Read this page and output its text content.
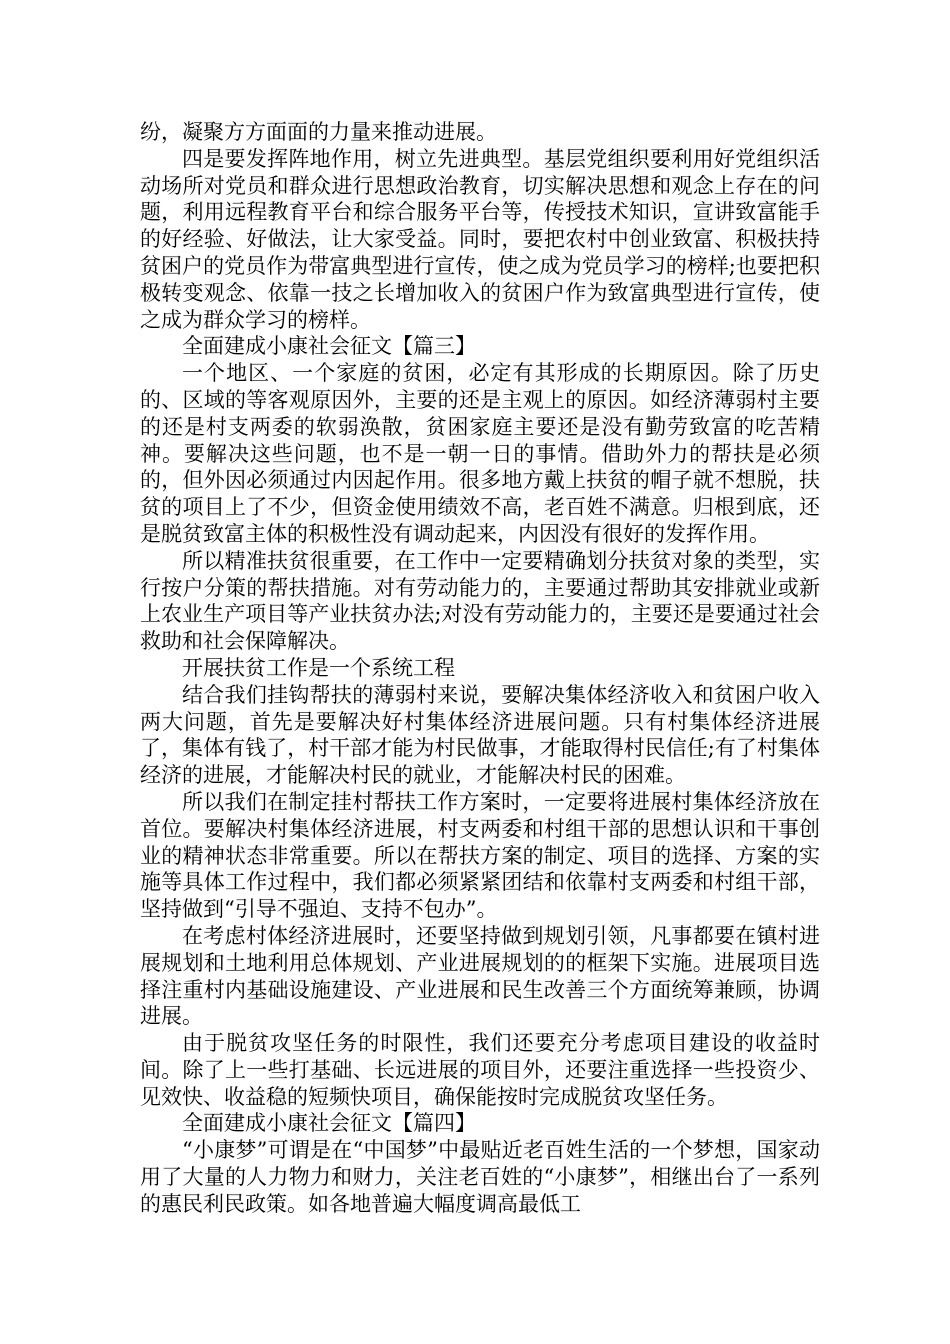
纷，凝聚方方面面的力量来推动进展。

四是要发挥阵地作用，树立先进典型。基层党组织要利用好党组织活动场所对党员和群众进行思想政治教育，切实解决思想和观念上存在的问题，利用远程教育平台和综合服务平台等，传授技术知识，宣讲致富能手的好经验、好做法，让大家受益。同时，要把农村中创业致富、积极扶持贫困户的党员作为带富典型进行宣传，使之成为党员学习的榜样;也要把积极转变观念、依靠一技之长增加收入的贫困户作为致富典型进行宣传，使之成为群众学习的榜样。

全面建成小康社会征文【篇三】

一个地区、一个家庭的贫困，必定有其形成的长期原因。除了历史的、区域的等客观原因外，主要的还是主观上的原因。如经济薄弱村主要的还是村支两委的软弱涣散，贫困家庭主要还是没有勤劳致富的吃苦精神。要解决这些问题，也不是一朝一日的事情。借助外力的帮扶是必须的，但外因必须通过内因起作用。很多地方戴上扶贫的帽子就不想脱，扶贫的项目上了不少，但资金使用绩效不高，老百姓不满意。归根到底，还是脱贫致富主体的积极性没有调动起来，内因没有很好的发挥作用。

所以精准扶贫很重要，在工作中一定要精确划分扶贫对象的类型，实行按户分策的帮扶措施。对有劳动能力的，主要通过帮助其安排就业或新上农业生产项目等产业扶贫办法;对没有劳动能力的，主要还是要通过社会救助和社会保障解决。

开展扶贫工作是一个系统工程

结合我们挂钩帮扶的薄弱村来说，要解决集体经济收入和贫困户收入两大问题，首先是要解决好村集体经济进展问题。只有村集体经济进展了，集体有钱了，村干部才能为村民做事，才能取得村民信任;有了村集体经济的进展，才能解决村民的就业，才能解决村民的困难。

所以我们在制定挂村帮扶工作方案时，一定要将进展村集体经济放在首位。要解决村集体经济进展，村支两委和村组干部的思想认识和干事创业的精神状态非常重要。所以在帮扶方案的制定、项目的选择、方案的实施等具体工作过程中，我们都必须紧紧团结和依靠村支两委和村组干部，坚持做到“引导不强迫、支持不包办”。

在考虑村体经济进展时，还要坚持做到规划引领，凡事都要在镇村进展规划和土地利用总体规划、产业进展规划的的框架下实施。进展项目选择注重村内基础设施建设、产业进展和民生改善三个方面统筹兼顾，协调进展。

由于脱贫攻坚任务的时限性，我们还要充分考虑项目建设的收益时间。除了上一些打基础、长远进展的项目外，还要注重选择一些投资少、见效快、收益稳的短频快项目，确保能按时完成脱贫攻坚任务。

全面建成小康社会征文【篇四】

“小康梦”可谓是在“中国梦”中最贴近老百姓生活的一个梦想，国家动用了大量的人力物力和财力，关注老百姓的“小康梦”，相继出台了一系列的惠民利民政策。如各地普遍大幅度调高最低工
